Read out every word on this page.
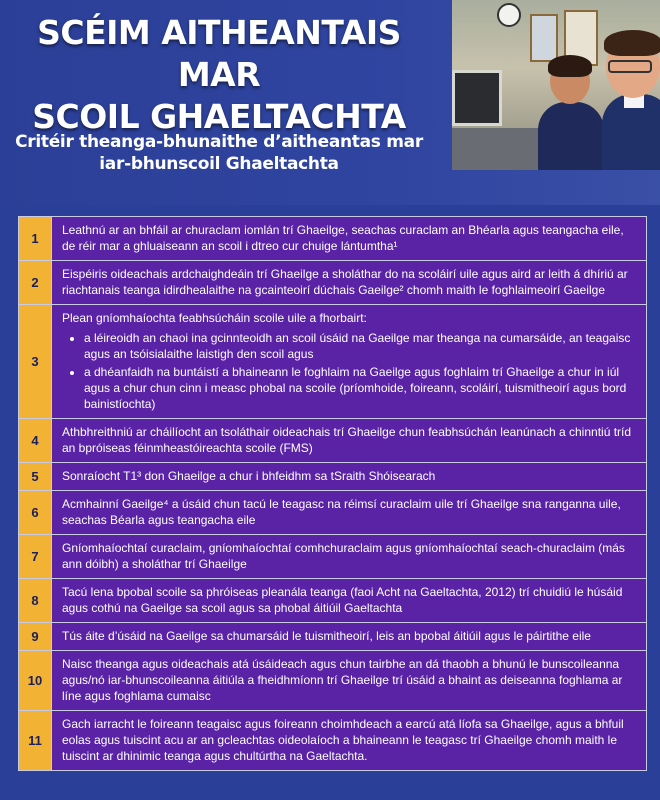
SCÉIM AITHEANTAIS MAR
SCOIL GHAELTACHTA
Critéir theanga-bhunaithe d’aitheantas mar
iar-bhunscoil Ghaeltachta
1

Leathnú ar an bhfáil ar churaclam iomlán trí Ghaeilge, seachas curaclam an Bhéarla agus teangacha eile, de réir mar a ghluaiseann an scoil i dtreo cur chuige lántumtha¹

2

Eispéiris oideachais ardchaighdeáin trí Ghaeilge a sholáthar do na scoláirí uile agus aird ar leith á dhíriú ar riachtanais teanga idirdhealaithe na gcainteoirí dúchais Gaeilge² chomh maith le foghlaimeoirí Gaeilge

3

Plean gníomhaíochta feabhsúcháin scoile uile a fhorbairt:

• a léireoidh an chaoi ina gcinnteoidh an scoil úsáid na Gaeilge mar theanga na cumarsáide, an teagaisc agus an tsóisialaithe laistigh den scoil agus
• a dhéanfaidh na buntáistí a bhaineann le foghlaim na Gaeilge agus foghlaim trí Ghaeilge a chur in iúl agus a chur chun cinn i measc phobal na scoile (príomhoide, foireann, scoláirí, tuismitheoirí agus bord bainistíochta)
4

Athbhreithniú ar cháilíocht an tsoláthair oideachais trí Ghaeilge chun feabhsúchán leanúnach a chinntiú tríd an bpróiseas féinmheastóireachta scoile (FMS)

5	Sonraíocht T1³ don Ghaeilge a chur i bhfeidhm sa tSraith Shóisearach

6

Acmhainní Gaeilge⁴ a úsáid chun tacú le teagasc na réimsí curaclaim uile trí Ghaeilge sna ranganna uile, seachas Béarla agus teangacha eile

7

Gníomhaíochtaí curaclaim, gníomhaíochtaí comhchuraclaim agus gníomhaíochtaí seach-churaclaim (más ann dóibh) a sholáthar trí Ghaeilge

8

Tacú lena bpobal scoile sa phróiseas pleanála teanga (faoi Acht na Gaeltachta, 2012) trí chuidiú le húsáid agus cothú na Gaeilge sa scoil agus sa phobal áitiúil Gaeltachta

9	Tús áite d’úsáid na Gaeilge sa chumarsáid le tuismitheoirí, leis an bpobal áitiúil agus le páirtithe eile

10

Naisc theanga agus oideachais atá úsáideach agus chun tairbhe an dá thaobh a bhunú le bunscoileanna agus/nó iar-bhunscoileanna áitiúla a fheidhmíonn trí Ghaeilge trí úsáid a bhaint as deiseanna foghlama ar líne agus foghlama cumaisc

11

Gach iarracht le foireann teagaisc agus foireann choimhdeach a earcú atá líofa sa Ghaeilge, agus a bhfuil eolas agus tuiscint acu ar an gcleachtas oideolaíoch a bhaineann le teagasc trí Ghaeilge chomh maith le tuiscint ar dhinimic teanga agus chultúrtha na Gaeltachta.
